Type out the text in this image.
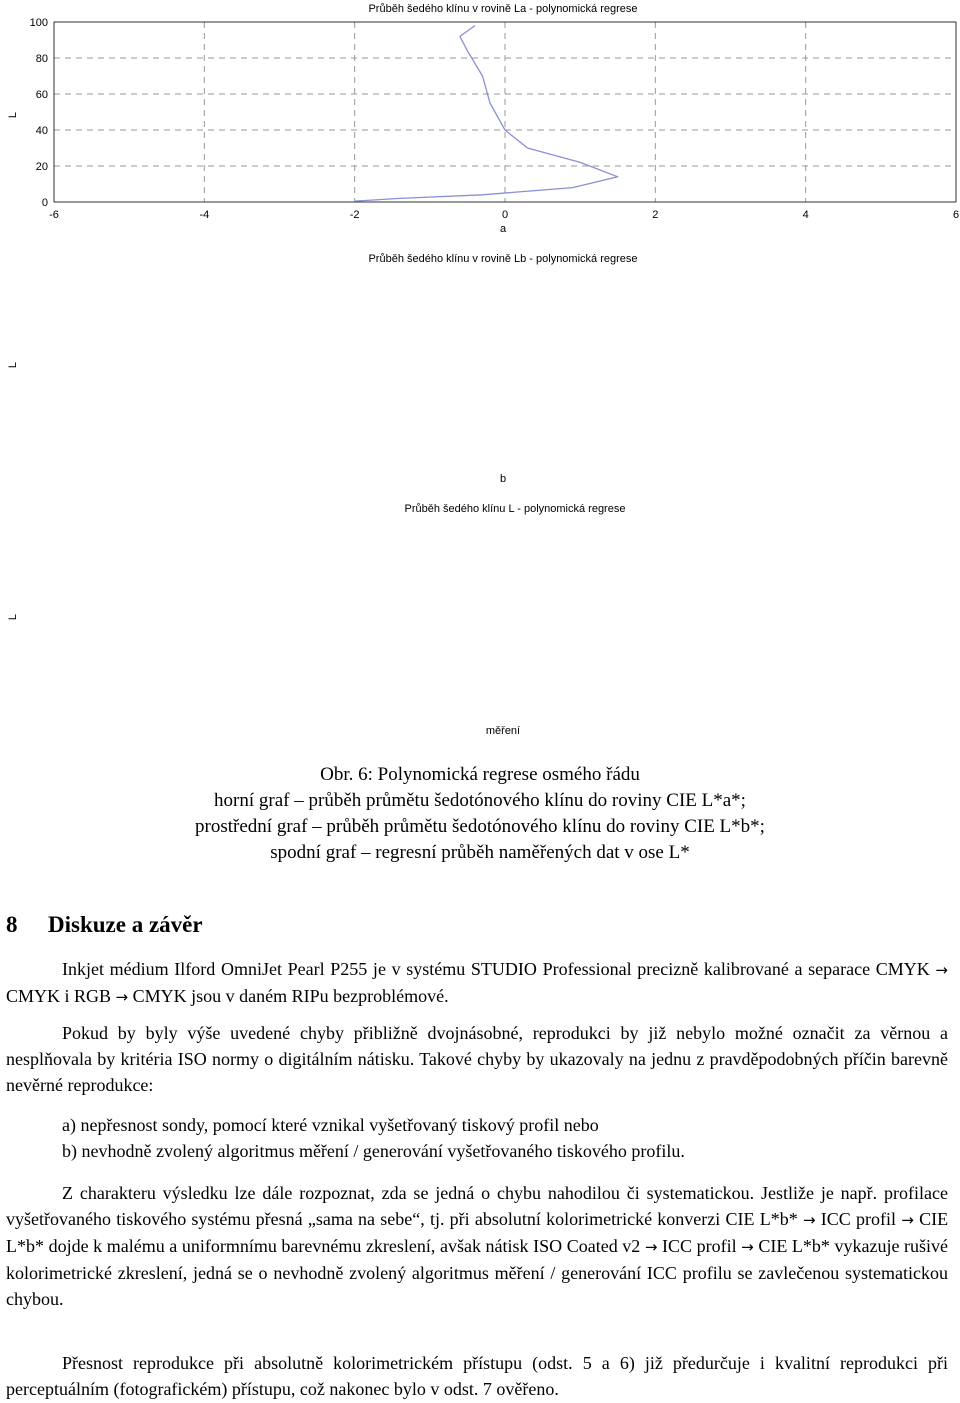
Průběh šedého klínu v rovině La - polynomická regrese
a
L
-6	-4	-2	0	2	4	6
0
20
40
60
80
100
Průběh šedého klínu v rovině Lb - polynomická regrese
b
L
Průběh šedého klínu L - polynomická regrese
měření
L
Obr. 6: Polynomická regrese osmého řádu
horní graf – průběh průmětu šedotónového klínu do roviny CIE L*a*;
prostřední graf – průběh průmětu šedotónového klínu do roviny CIE L*b*;
spodní graf – regresní průběh naměřených dat v ose L*
8 Diskuze a závěr
Inkjet médium Ilford OmniJet Pearl P255 je v systému STUDIO Professional precizně kalibrované a separace CMYK → CMYK i RGB → CMYK jsou v daném RIPu bezproblémové.
Pokud by byly výše uvedené chyby přibližně dvojnásobné, reprodukci by již nebylo možné označit za věrnou a nesplňovala by kritéria ISO normy o digitálním nátisku. Takové chyby by ukazovaly na jednu z pravděpodobných příčin barevně nevěrné reprodukce:
a) nepřesnost sondy, pomocí které vznikal vyšetřovaný tiskový profil nebo
b) nevhodně zvolený algoritmus měření / generování vyšetřovaného tiskového profilu.
Z charakteru výsledku lze dále rozpoznat, zda se jedná o chybu nahodilou či systematickou. Jestliže je např. profilace vyšetřovaného tiskového systému přesná „sama na sebe“, tj. při absolutní kolorimetrické konverzi CIE L*b* → ICC profil → CIE L*b* dojde k malému a uniformnímu barevnému zkreslení, avšak nátisk ISO Coated v2 → ICC profil → CIE L*b* vykazuje rušivé kolorimetrické zkreslení, jedná se o nevhodně zvolený algoritmus měření / generování ICC profilu se zavlečenou systematickou chybou.
Přesnost reprodukce při absolutně kolorimetrickém přístupu (odst. 5 a 6) již předurčuje i kvalitní reprodukci při perceptuálním (fotografickém) přístupu, což nakonec bylo v odst. 7 ověřeno.
